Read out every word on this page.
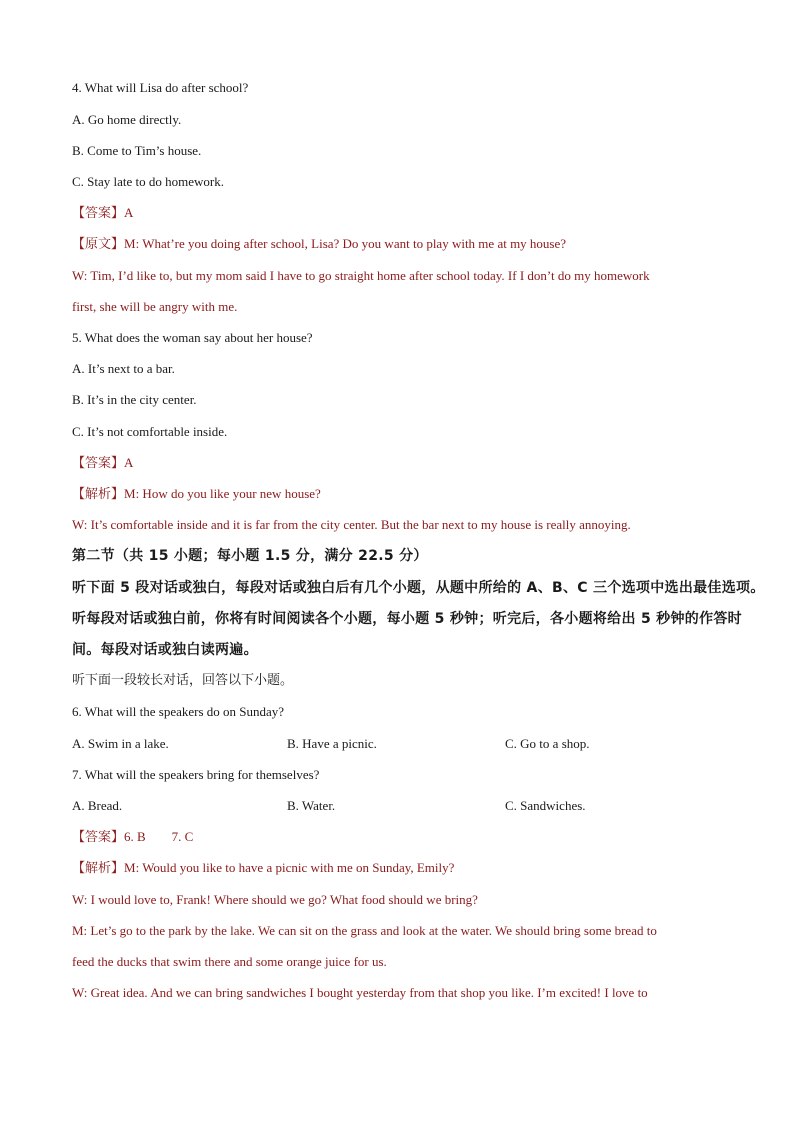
4. What will Lisa do after school?
A. Go home directly.
B. Come to Tim’s house.
C. Stay late to do homework.
【答案】A
【原文】M: What’re you doing after school, Lisa? Do you want to play with me at my house?
W: Tim, I’d like to, but my mom said I have to go straight home after school today. If I don’t do my homework
first, she will be angry with me.
5. What does the woman say about her house?
A. It’s next to a bar.
B. It’s in the city center.
C. It’s not comfortable inside.
【答案】A
【解析】M: How do you like your new house?
W: It’s comfortable inside and it is far from the city center. But the bar next to my house is really annoying.
第二节（共 15 小题；每小题 1.5 分，满分 22.5 分）
听下面 5 段对话或独白，每段对话或独白后有几个小题，从题中所给的 A、B、C 三个选项中选出最佳选项。
听每段对话或独白前，你将有时间阅读各个小题，每小题 5 秒钟；听完后，各小题将给出 5 秒钟的作答时
间。每段对话或独白读两遍。
听下面一段较长对话，回答以下小题。
6. What will the speakers do on Sunday?
A. Swim in a lake.	B. Have a picnic.	C. Go to a shop.
7. What will the speakers bring for themselves?
A. Bread.	B. Water.	C. Sandwiches.
【答案】6. B        7. C
【解析】M: Would you like to have a picnic with me on Sunday, Emily?
W: I would love to, Frank! Where should we go? What food should we bring?
M: Let’s go to the park by the lake. We can sit on the grass and look at the water. We should bring some bread to
feed the ducks that swim there and some orange juice for us.
W: Great idea. And we can bring sandwiches I bought yesterday from that shop you like. I’m excited! I love to
